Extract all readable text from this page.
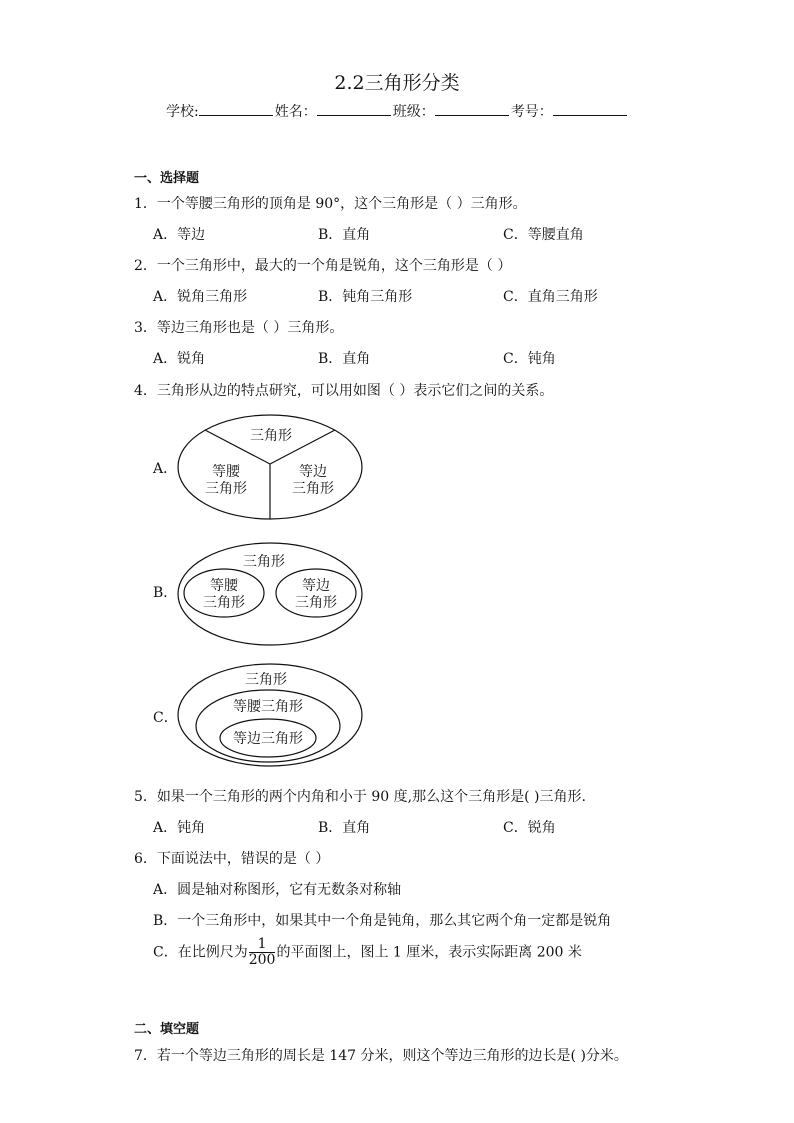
2.2三角形分类
学校:	姓名：	班级：	考号：
一、选择题
1．一个等腰三角形的顶角是 90°，这个三角形是（ ）三角形。
A．等边	B．直角	C．等腰直角
2．一个三角形中，最大的一个角是锐角，这个三角形是（ ）
A．锐角三角形	B．钝角三角形	C．直角三角形
3．等边三角形也是（ ）三角形。
A．锐角	B．直角	C．钝角
4．三角形从边的特点研究，可以用如图（ ）表示它们之间的关系。
A．
三角形
等腰
三角形
等边
三角形
B．
三角形
等腰
三角形
等边
三角形
C．
三角形
等腰三角形
等边三角形
5．如果一个三角形的两个内角和小于 90 度,那么这个三角形是( )三角形.
A．钝角	B．直角	C．锐角
6．下面说法中，错误的是（ ）
A．圆是轴对称图形，它有无数条对称轴
B．一个三角形中，如果其中一个角是钝角，那么其它两个角一定都是锐角
C．在比例尺为 $\frac{1}{200}$ 的平面图上，图上 1 厘米，表示实际距离 200 米
二、填空题
7．若一个等边三角形的周长是 147 分米，则这个等边三角形的边长是( )分米。
